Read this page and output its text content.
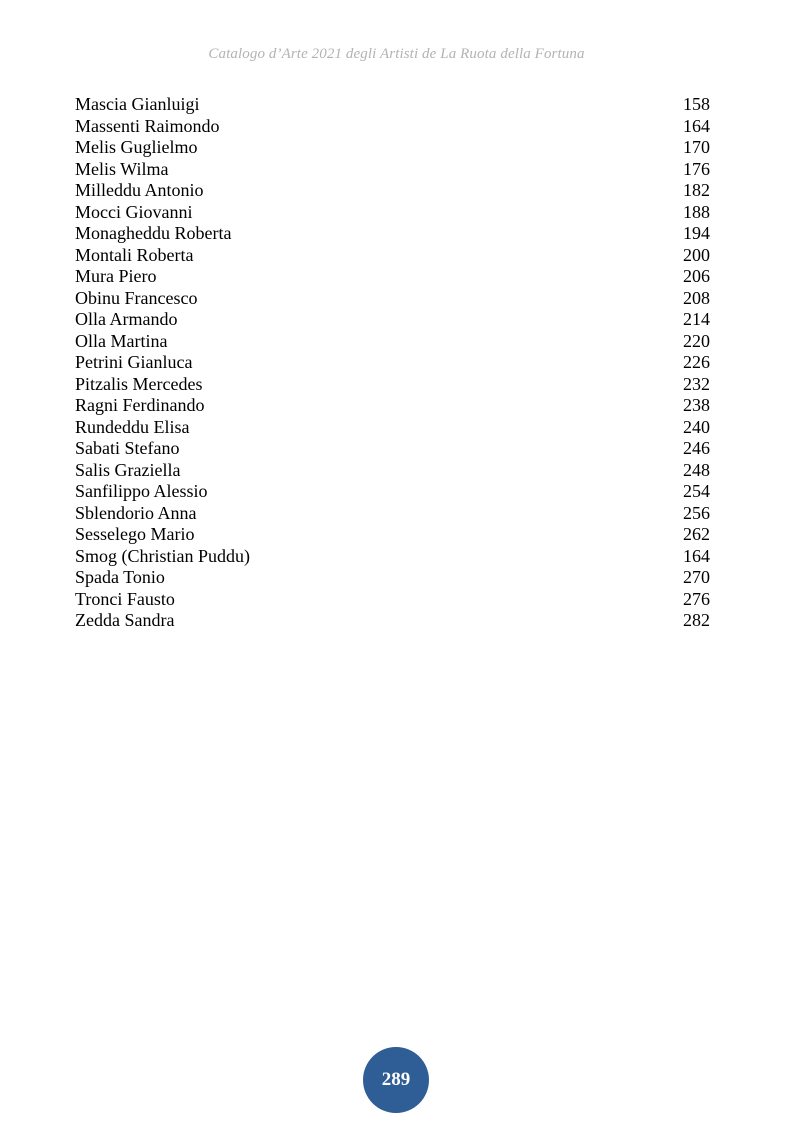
Catalogo d’Arte 2021 degli Artisti de La Ruota della Fortuna
Mascia Gianluigi	158
Massenti Raimondo	164
Melis Guglielmo	170
Melis Wilma	176
Milleddu Antonio	182
Mocci Giovanni	188
Monagheddu Roberta	194
Montali Roberta	200
Mura Piero	206
Obinu Francesco	208
Olla Armando	214
Olla Martina	220
Petrini Gianluca	226
Pitzalis Mercedes	232
Ragni Ferdinando	238
Rundeddu Elisa	240
Sabati Stefano	246
Salis Graziella	248
Sanfilippo Alessio	254
Sblendorio Anna	256
Sesselego Mario	262
Smog (Christian Puddu)	164
Spada Tonio	270
Tronci Fausto	276
Zedda Sandra	282
289
